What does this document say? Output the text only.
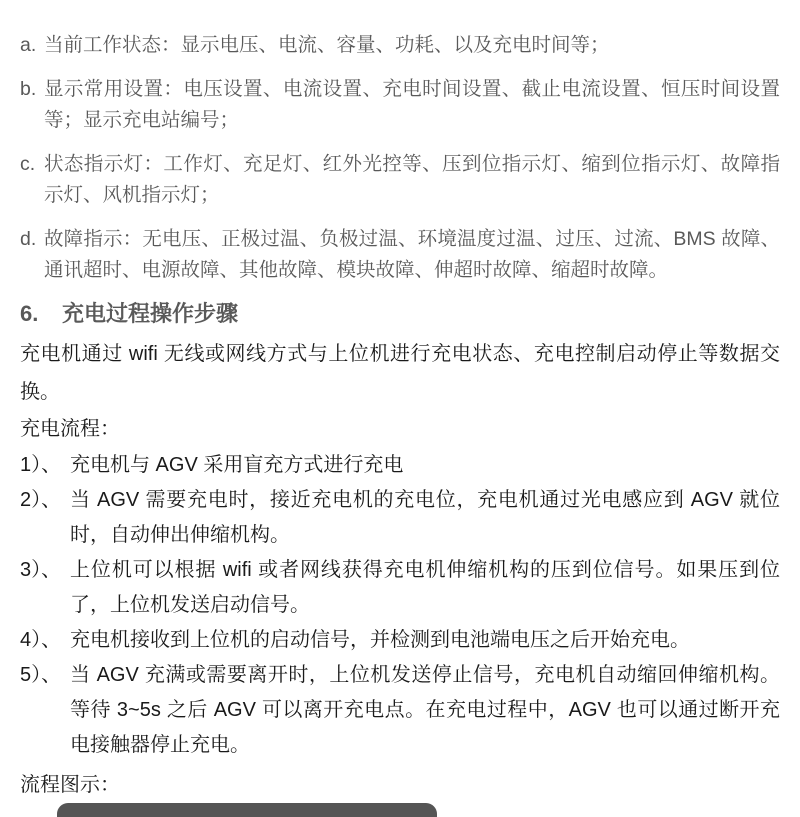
a. 当前工作状态：显示电压、电流、容量、功耗、以及充电时间等；
b. 显示常用设置：电压设置、电流设置、充电时间设置、截止电流设置、恒压时间设置等；显示充电站编号；
c. 状态指示灯：工作灯、充足灯、红外光控等、压到位指示灯、缩到位指示灯、故障指示灯、风机指示灯；
d. 故障指示：无电压、正极过温、负极过温、环境温度过温、过压、过流、BMS 故障、通讯超时、电源故障、其他故障、模块故障、伸超时故障、缩超时故障。
6. 充电过程操作步骤

充电机通过 wifi 无线或网线方式与上位机进行充电状态、充电控制启动停止等数据交换。

充电流程：

1）、 充电机与 AGV 采用盲充方式进行充电
2）、 当 AGV 需要充电时，接近充电机的充电位，充电机通过光电感应到 AGV 就位时，自动伸出伸缩机构。
3）、 上位机可以根据 wifi 或者网线获得充电机伸缩机构的压到位信号。如果压到位了，上位机发送启动信号。
4）、 充电机接收到上位机的启动信号，并检测到电池端电压之后开始充电。
5）、 当 AGV 充满或需要离开时，上位机发送停止信号，充电机自动缩回伸缩机构。等待 3~5s 之后 AGV 可以离开充电点。在充电过程中，AGV 也可以通过断开充电接触器停止充电。

流程图示：
